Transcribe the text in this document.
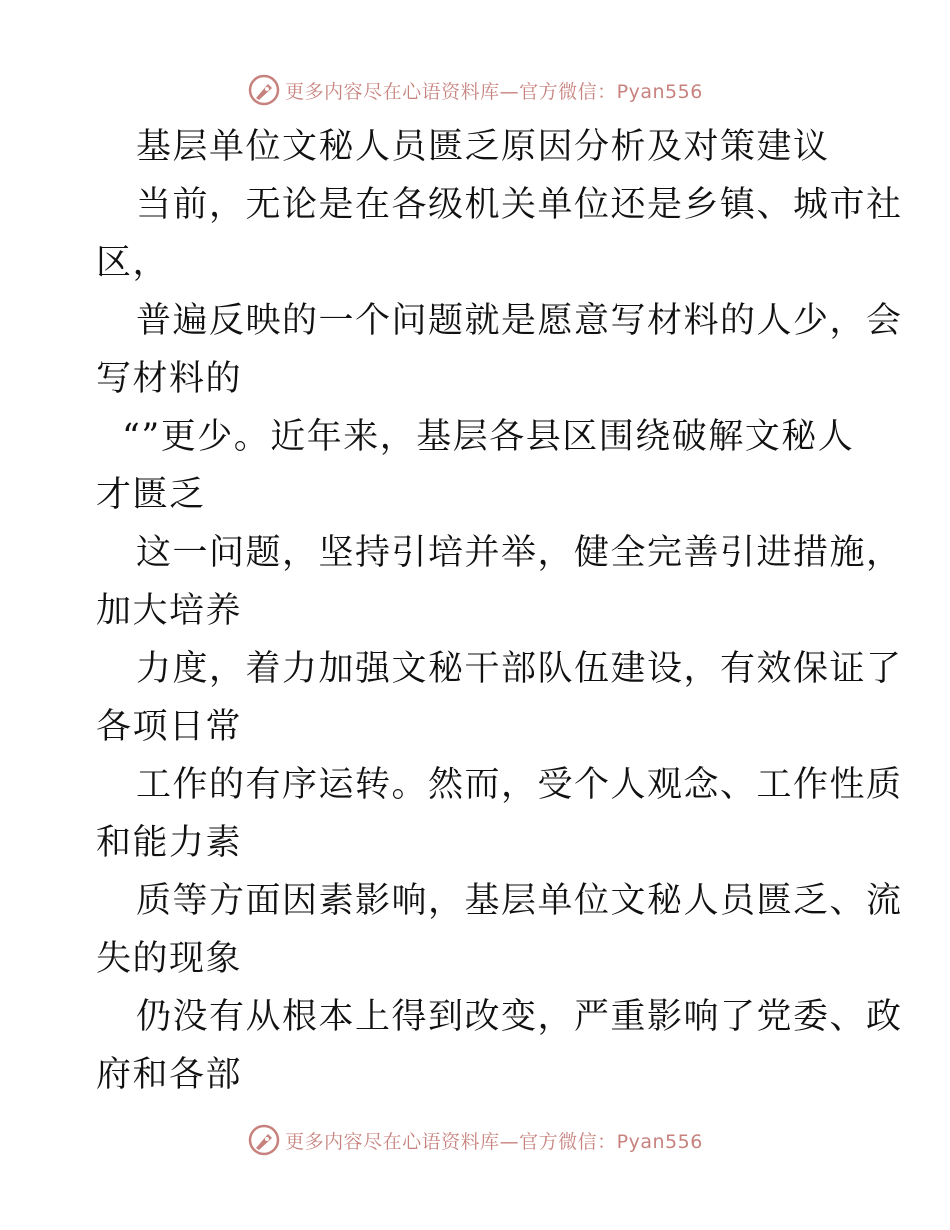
更多内容尽在心语资料库—官方微信：Pyan556
基层单位文秘人员匮乏原因分析及对策建议
当前，无论是在各级机关单位还是乡镇、城市社
区，
普遍反映的一个问题就是愿意写材料的人少，会
写材料的
“”更少。近年来，基层各县区围绕破解文秘人
才匮乏
这一问题，坚持引培并举，健全完善引进措施，
加大培养
力度，着力加强文秘干部队伍建设，有效保证了
各项日常
工作的有序运转。然而，受个人观念、工作性质
和能力素
质等方面因素影响，基层单位文秘人员匮乏、流
失的现象
仍没有从根本上得到改变，严重影响了党委、政
府和各部
更多内容尽在心语资料库—官方微信：Pyan556
